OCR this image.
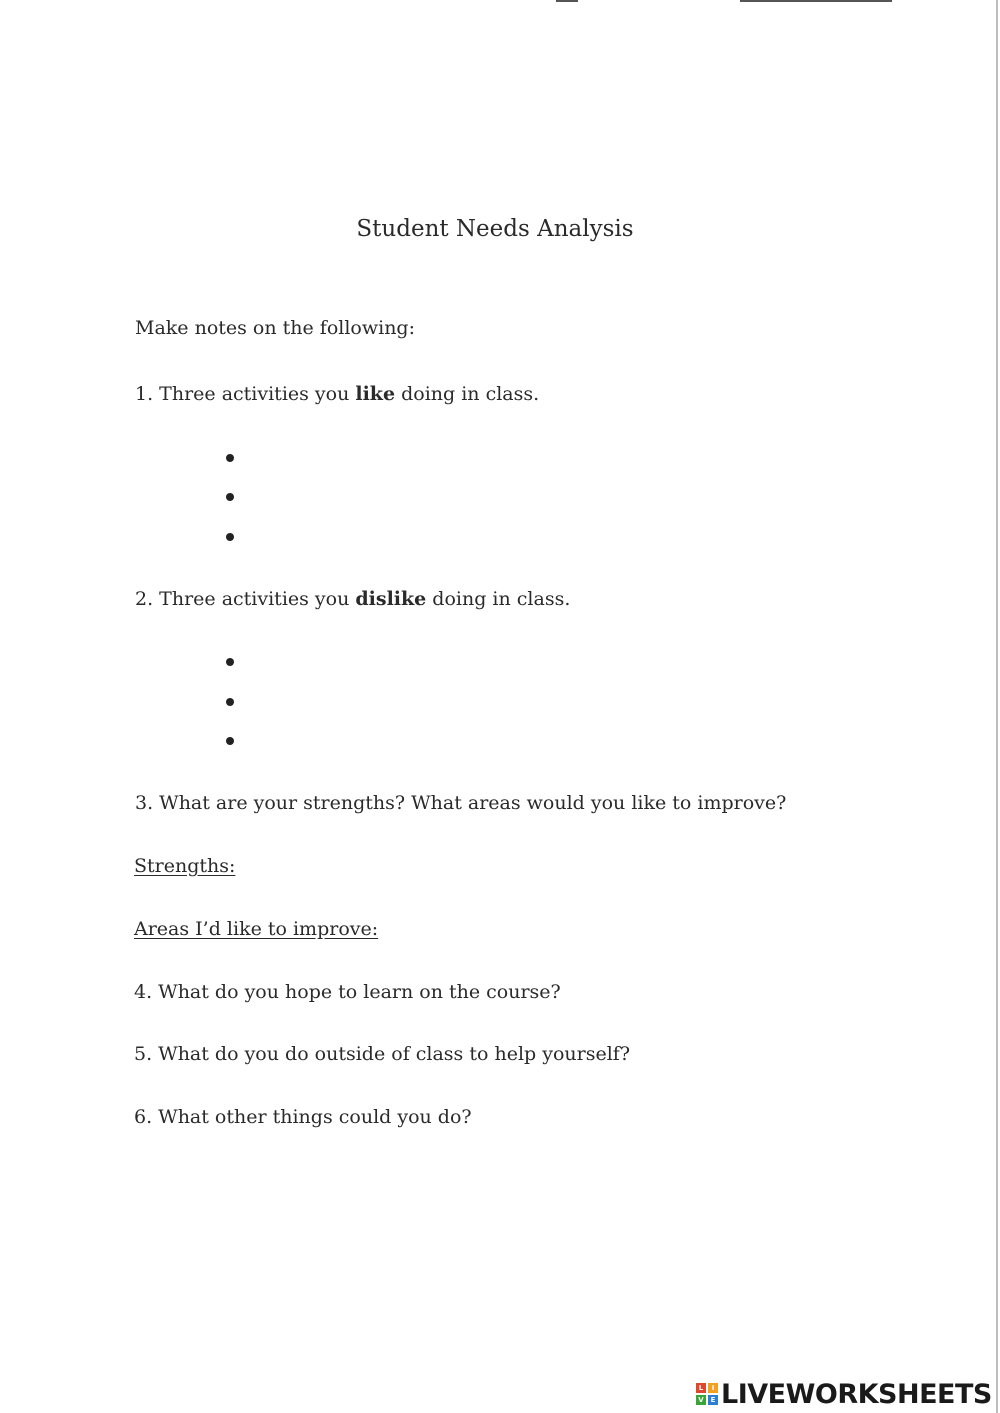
Student Needs Analysis
Make notes on the following:
1. Three activities you like doing in class.
2. Three activities you dislike doing in class.
3. What are your strengths? What areas would you like to improve?
Strengths:
Areas I’d like to improve:
4. What do you hope to learn on the course?
5. What do you do outside of class to help yourself?
6. What other things could you do?
L	I
V E LIVEWORKSHEETS
